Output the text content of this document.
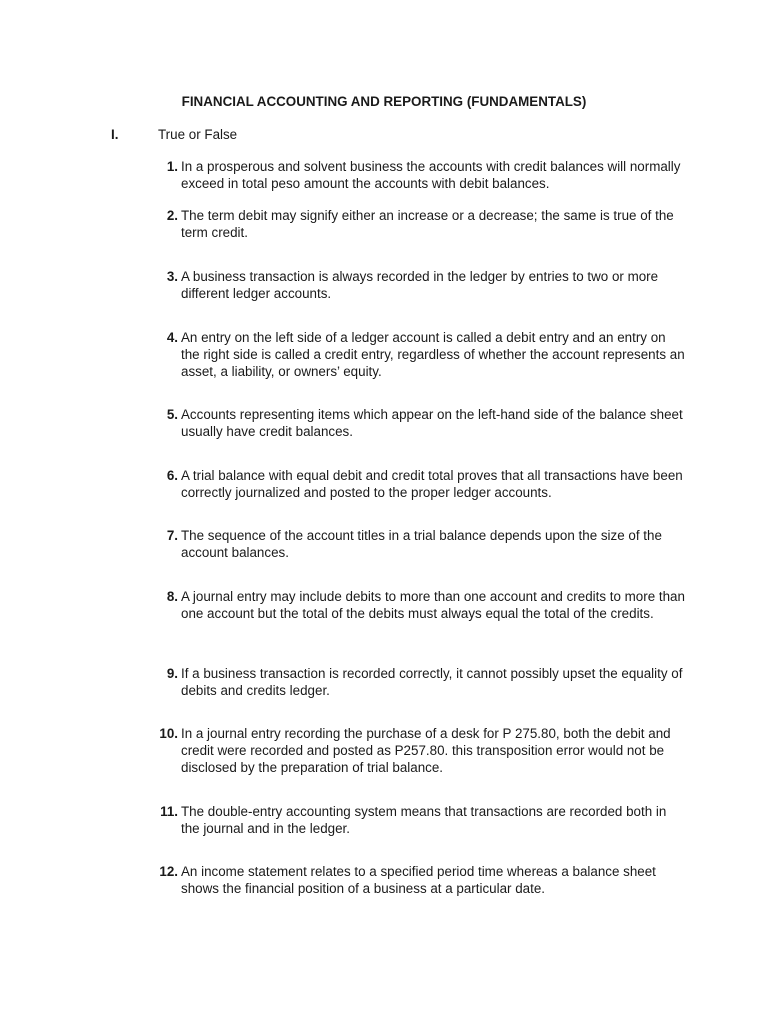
FINANCIAL ACCOUNTING AND REPORTING (FUNDAMENTALS)
I.	True or False
1. In a prosperous and solvent business the accounts with credit balances will normally exceed in total peso amount the accounts with debit balances.
2. The term debit may signify either an increase or a decrease; the same is true of the term credit.
3. A business transaction is always recorded in the ledger by entries to two or more different ledger accounts.
4. An entry on the left side of a ledger account is called a debit entry and an entry on the right side is called a credit entry, regardless of whether the account represents an asset, a liability, or owners’ equity.
5. Accounts representing items which appear on the left-hand side of the balance sheet usually have credit balances.
6. A trial balance with equal debit and credit total proves that all transactions have been correctly journalized and posted to the proper ledger accounts.
7. The sequence of the account titles in a trial balance depends upon the size of the account balances.
8. A journal entry may include debits to more than one account and credits to more than one account but the total of the debits must always equal the total of the credits.
9. If a business transaction is recorded correctly, it cannot possibly upset the equality of debits and credits ledger.
10. In a journal entry recording the purchase of a desk for P 275.80, both the debit and credit were recorded and posted as P257.80. this transposition error would not be disclosed by the preparation of trial balance.
11. The double-entry accounting system means that transactions are recorded both in the journal and in the ledger.
12. An income statement relates to a specified period time whereas a balance sheet shows the financial position of a business at a particular date.
